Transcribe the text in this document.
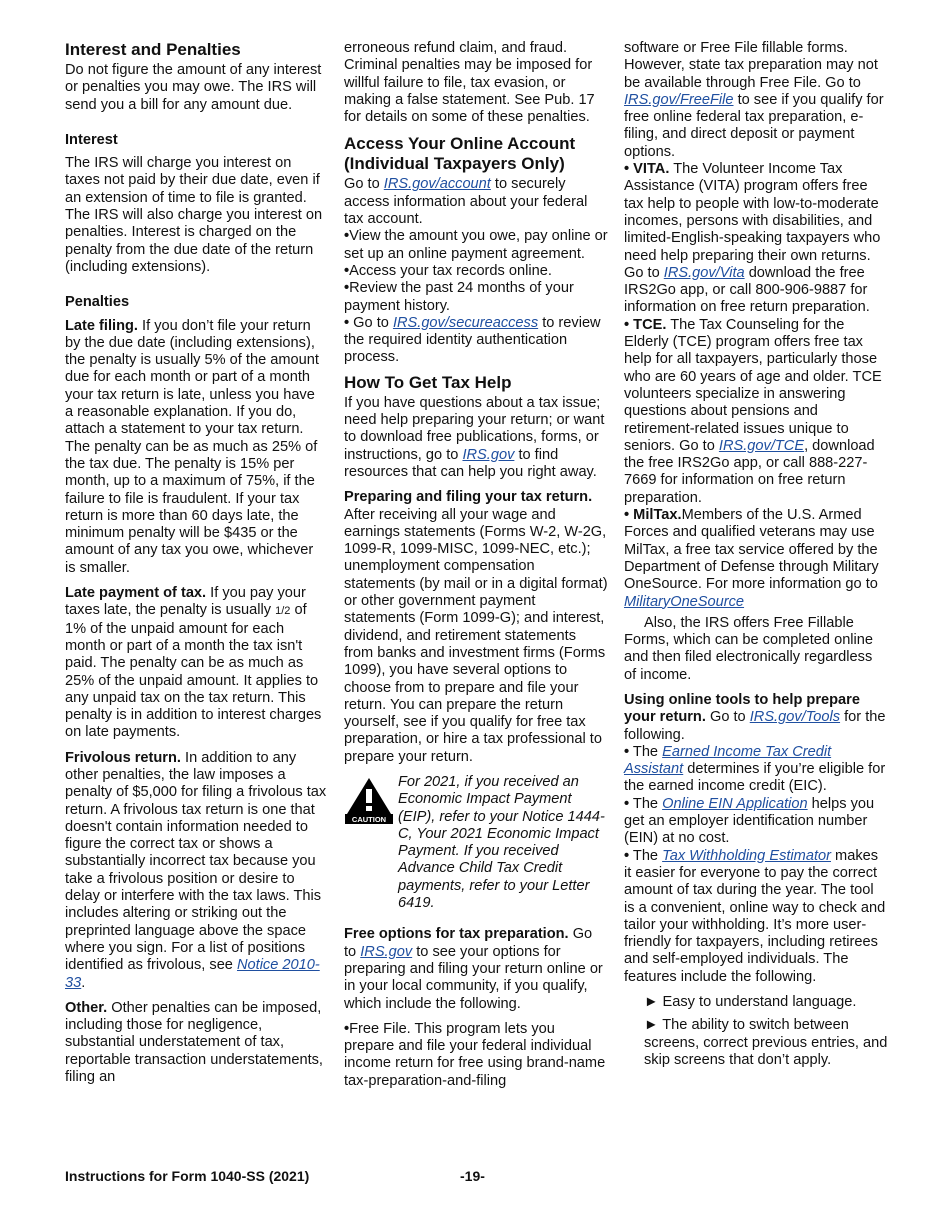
Interest and Penalties

Do not figure the amount of any interest or penalties you may owe. The IRS will send you a bill for any amount due.

Interest

The IRS will charge you interest on taxes not paid by their due date, even if an extension of time to file is granted. The IRS will also charge you interest on penalties. Interest is charged on the penalty from the due date of the return (including extensions).

Penalties

Late filing. If you don’t file your return by the due date (including extensions), the penalty is usually 5% of the amount due for each month or part of a month your tax return is late, unless you have a reasonable explanation. If you do, attach a statement to your tax return. The penalty can be as much as 25% of the tax due. The penalty is 15% per month, up to a maximum of 75%, if the failure to file is fraudulent. If your tax return is more than 60 days late, the minimum penalty will be $435 or the amount of any tax you owe, whichever is smaller.

Late payment of tax. If you pay your taxes late, the penalty is usually 1/2 of 1% of the unpaid amount for each month or part of a month the tax isn't paid. The penalty can be as much as 25% of the unpaid amount. It applies to any unpaid tax on the tax return. This penalty is in addition to interest charges on late payments.

Frivolous return. In addition to any other penalties, the law imposes a penalty of $5,000 for filing a frivolous tax return. A frivolous tax return is one that doesn't contain information needed to figure the correct tax or shows a substantially incorrect tax because you take a frivolous position or desire to delay or interfere with the tax laws. This includes altering or striking out the preprinted language above the space where you sign. For a list of positions identified as frivolous, see Notice 2010-33.

Other. Other penalties can be imposed, including those for negligence, substantial understatement of tax, reportable transaction understatements, filing an

erroneous refund claim, and fraud. Criminal penalties may be imposed for willful failure to file, tax evasion, or making a false statement. See Pub. 17 for details on some of these penalties.

Access Your Online Account (Individual Taxpayers Only)

Go to IRS.gov/account to securely access information about your federal tax account.

• View the amount you owe, pay online or set up an online payment agreement.

• Access your tax records online.

• Review the past 24 months of your payment history.

• Go to IRS.gov/secureaccess to review the required identity authentication process.

How To Get Tax Help

If you have questions about a tax issue; need help preparing your return; or want to download free publications, forms, or instructions, go to IRS.gov to find resources that can help you right away.

Preparing and filing your tax return. After receiving all your wage and earnings statements (Forms W-2, W-2G, 1099-R, 1099-MISC, 1099-NEC, etc.); unemployment compensation statements (by mail or in a digital format) or other government payment statements (Form 1099-G); and interest, dividend, and retirement statements from banks and investment firms (Forms 1099), you have several options to choose from to prepare and file your return. You can prepare the return yourself, see if you qualify for free tax preparation, or hire a tax professional to prepare your return.

CAUTION
For 2021, if you received an Economic Impact Payment (EIP), refer to your Notice 1444-C, Your 2021 Economic Impact Payment. If you received Advance Child Tax Credit payments, refer to your Letter 6419.

Free options for tax preparation. Go to IRS.gov to see your options for preparing and filing your return online or in your local community, if you qualify, which include the following.

• Free File. This program lets you prepare and file your federal individual income return for free using brand-name tax-preparation-and-filing

software or Free File fillable forms. However, state tax preparation may not be available through Free File. Go to IRS.gov/FreeFile to see if you qualify for free online federal tax preparation, e-filing, and direct deposit or payment options.

• VITA. The Volunteer Income Tax Assistance (VITA) program offers free tax help to people with low-to-moderate incomes, persons with disabilities, and limited-English-speaking taxpayers who need help preparing their own returns. Go to IRS.gov/Vita download the free IRS2Go app, or call 800-906-9887 for information on free return preparation.

• TCE. The Tax Counseling for the Elderly (TCE) program offers free tax help for all taxpayers, particularly those who are 60 years of age and older. TCE volunteers specialize in answering questions about pensions and retirement-related issues unique to seniors. Go to IRS.gov/TCE, download the free IRS2Go app, or call 888-227-7669 for information on free return preparation.

• MilTax.Members of the U.S. Armed Forces and qualified veterans may use MilTax, a free tax service offered by the Department of Defense through Military OneSource. For more information go to MilitaryOneSource

Also, the IRS offers Free Fillable Forms, which can be completed online and then filed electronically regardless of income.

Using online tools to help prepare your return. Go to IRS.gov/Tools for the following.

• The Earned Income Tax Credit Assistant determines if you’re eligible for the earned income credit (EIC).

• The Online EIN Application helps you get an employer identification number (EIN) at no cost.

• The Tax Withholding Estimator makes it easier for everyone to pay the correct amount of tax during the year. The tool is a convenient, online way to check and tailor your withholding. It’s more user-friendly for taxpayers, including retirees and self-employed individuals. The features include the following.

► Easy to understand language.

► The ability to switch between screens, correct previous entries, and skip screens that don’t apply.

Instructions for Form 1040-SS (2021)	-19-
